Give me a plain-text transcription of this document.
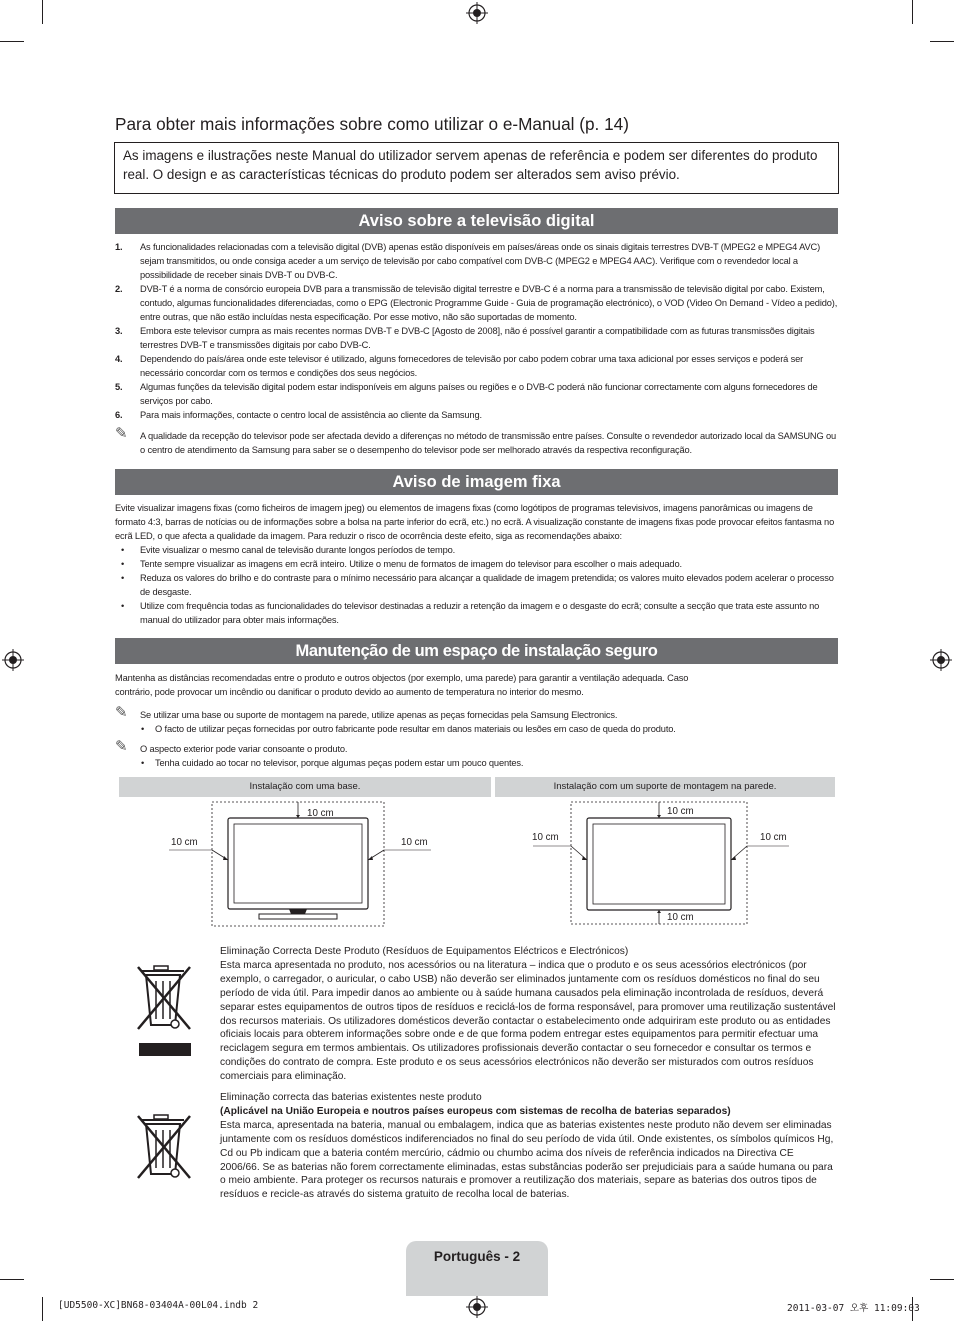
Para obter mais informações sobre como utilizar o e-Manual (p. 14)
As imagens e ilustrações neste Manual do utilizador servem apenas de referência e podem ser diferentes do produto real. O design e as características técnicas do produto podem ser alterados sem aviso prévio.
Aviso sobre a televisão digital
1. As funcionalidades relacionadas com a televisão digital (DVB) apenas estão disponíveis em países/áreas onde os sinais digitais terrestres DVB-T (MPEG2 e MPEG4 AVC) sejam transmitidos, ou onde consiga aceder a um serviço de televisão por cabo compatível com DVB-C (MPEG2 e MPEG4 AAC). Verifique com o revendedor local a possibilidade de receber sinais DVB-T ou DVB-C.
2. DVB-T é a norma de consórcio europeia DVB para a transmissão de televisão digital terrestre e DVB-C é a norma para a transmissão de televisão digital por cabo. Existem, contudo, algumas funcionalidades diferenciadas, como o EPG (Electronic Programme Guide - Guia de programação electrónico), o VOD (Video On Demand - Vídeo a pedido), entre outras, que não estão incluídas nesta especificação. Por esse motivo, não são suportadas de momento.
3. Embora este televisor cumpra as mais recentes normas DVB-T e DVB-C [Agosto de 2008], não é possível garantir a compatibilidade com as futuras transmissões digitais terrestres DVB-T e transmissões digitais por cabo DVB-C.
4. Dependendo do país/área onde este televisor é utilizado, alguns fornecedores de televisão por cabo podem cobrar uma taxa adicional por esses serviços e poderá ser necessário concordar com os termos e condições dos seus negócios.
5. Algumas funções da televisão digital podem estar indisponíveis em alguns países ou regiões e o DVB-C poderá não funcionar correctamente com alguns fornecedores de serviços por cabo.
6. Para mais informações, contacte o centro local de assistência ao cliente da Samsung.
✎ A qualidade da recepção do televisor pode ser afectada devido a diferenças no método de transmissão entre países. Consulte o revendedor autorizado local da SAMSUNG ou o centro de atendimento da Samsung para saber se o desempenho do televisor pode ser melhorado através da respectiva reconfiguração.
Aviso de imagem fixa
Evite visualizar imagens fixas (como ficheiros de imagem jpeg) ou elementos de imagens fixas (como logótipos de programas televisivos, imagens panorâmicas ou imagens de formato 4:3, barras de notícias ou de informações sobre a bolsa na parte inferior do ecrã, etc.) no ecrã. A visualização constante de imagens fixas pode provocar efeitos fantasma no ecrã LED, o que afecta a qualidade da imagem. Para reduzir o risco de ocorrência deste efeito, siga as recomendações abaixo:
• Evite visualizar o mesmo canal de televisão durante longos períodos de tempo.
• Tente sempre visualizar as imagens em ecrã inteiro. Utilize o menu de formatos de imagem do televisor para escolher o mais adequado.
• Reduza os valores do brilho e do contraste para o mínimo necessário para alcançar a qualidade de imagem pretendida; os valores muito elevados podem acelerar o processo de desgaste.
• Utilize com frequência todas as funcionalidades do televisor destinadas a reduzir a retenção da imagem e o desgaste do ecrã; consulte a secção que trata este assunto no manual do utilizador para obter mais informações.
Manutenção de um espaço de instalação seguro
Mantenha as distâncias recomendadas entre o produto e outros objectos (por exemplo, uma parede) para garantir a ventilação adequada. Caso contrário, pode provocar um incêndio ou danificar o produto devido ao aumento de temperatura no interior do mesmo.
✎ Se utilizar uma base ou suporte de montagem na parede, utilize apenas as peças fornecidas pela Samsung Electronics.
• O facto de utilizar peças fornecidas por outro fabricante pode resultar em danos materiais ou lesões em caso de queda do produto.
✎ O aspecto exterior pode variar consoante o produto.
• Tenha cuidado ao tocar no televisor, porque algumas peças podem estar um pouco quentes.
Instalação com uma base.	Instalação com um suporte de montagem na parede.
10 cm
10 cm	10 cm
10 cm
10 cm	10 cm
10 cm
Eliminação Correcta Deste Produto (Resíduos de Equipamentos Eléctricos e Electrónicos)
Esta marca apresentada no produto, nos acessórios ou na literatura – indica que o produto e os seus acessórios electrónicos (por exemplo, o carregador, o auricular, o cabo USB) não deverão ser eliminados juntamente com os resíduos domésticos no final do seu período de vida útil. Para impedir danos ao ambiente ou à saúde humana causados pela eliminação incontrolada de resíduos, deverá separar estes equipamentos de outros tipos de resíduos e reciclá-los de forma responsável, para promover uma reutilização sustentável dos recursos materiais. Os utilizadores domésticos deverão contactar o estabelecimento onde adquiriram este produto ou as entidades oficiais locais para obterem informações sobre onde e de que forma podem entregar estes equipamentos para permitir efectuar uma reciclagem segura em termos ambientais. Os utilizadores profissionais deverão contactar o seu fornecedor e consultar os termos e condições do contrato de compra. Este produto e os seus acessórios electrónicos não deverão ser misturados com outros resíduos comerciais para eliminação.
Eliminação correcta das baterias existentes neste produto
(Aplicável na União Europeia e noutros países europeus com sistemas de recolha de baterias separados)
Esta marca, apresentada na bateria, manual ou embalagem, indica que as baterias existentes neste produto não devem ser eliminadas juntamente com os resíduos domésticos indiferenciados no final do seu período de vida útil. Onde existentes, os símbolos químicos Hg, Cd ou Pb indicam que a bateria contém mercúrio, cádmio ou chumbo acima dos níveis de referência indicados na Directiva CE 2006/66. Se as baterias não forem correctamente eliminadas, estas substâncias poderão ser prejudiciais para a saúde humana ou para o meio ambiente. Para proteger os recursos naturais e promover a reutilização dos materiais, separe as baterias dos outros tipos de resíduos e recicle-as através do sistema gratuito de recolha local de baterias.
Português - 2
[UD5500-XC]BN68-03404A-00L04.indb 2	2011-03-07 오후 11:09:03
